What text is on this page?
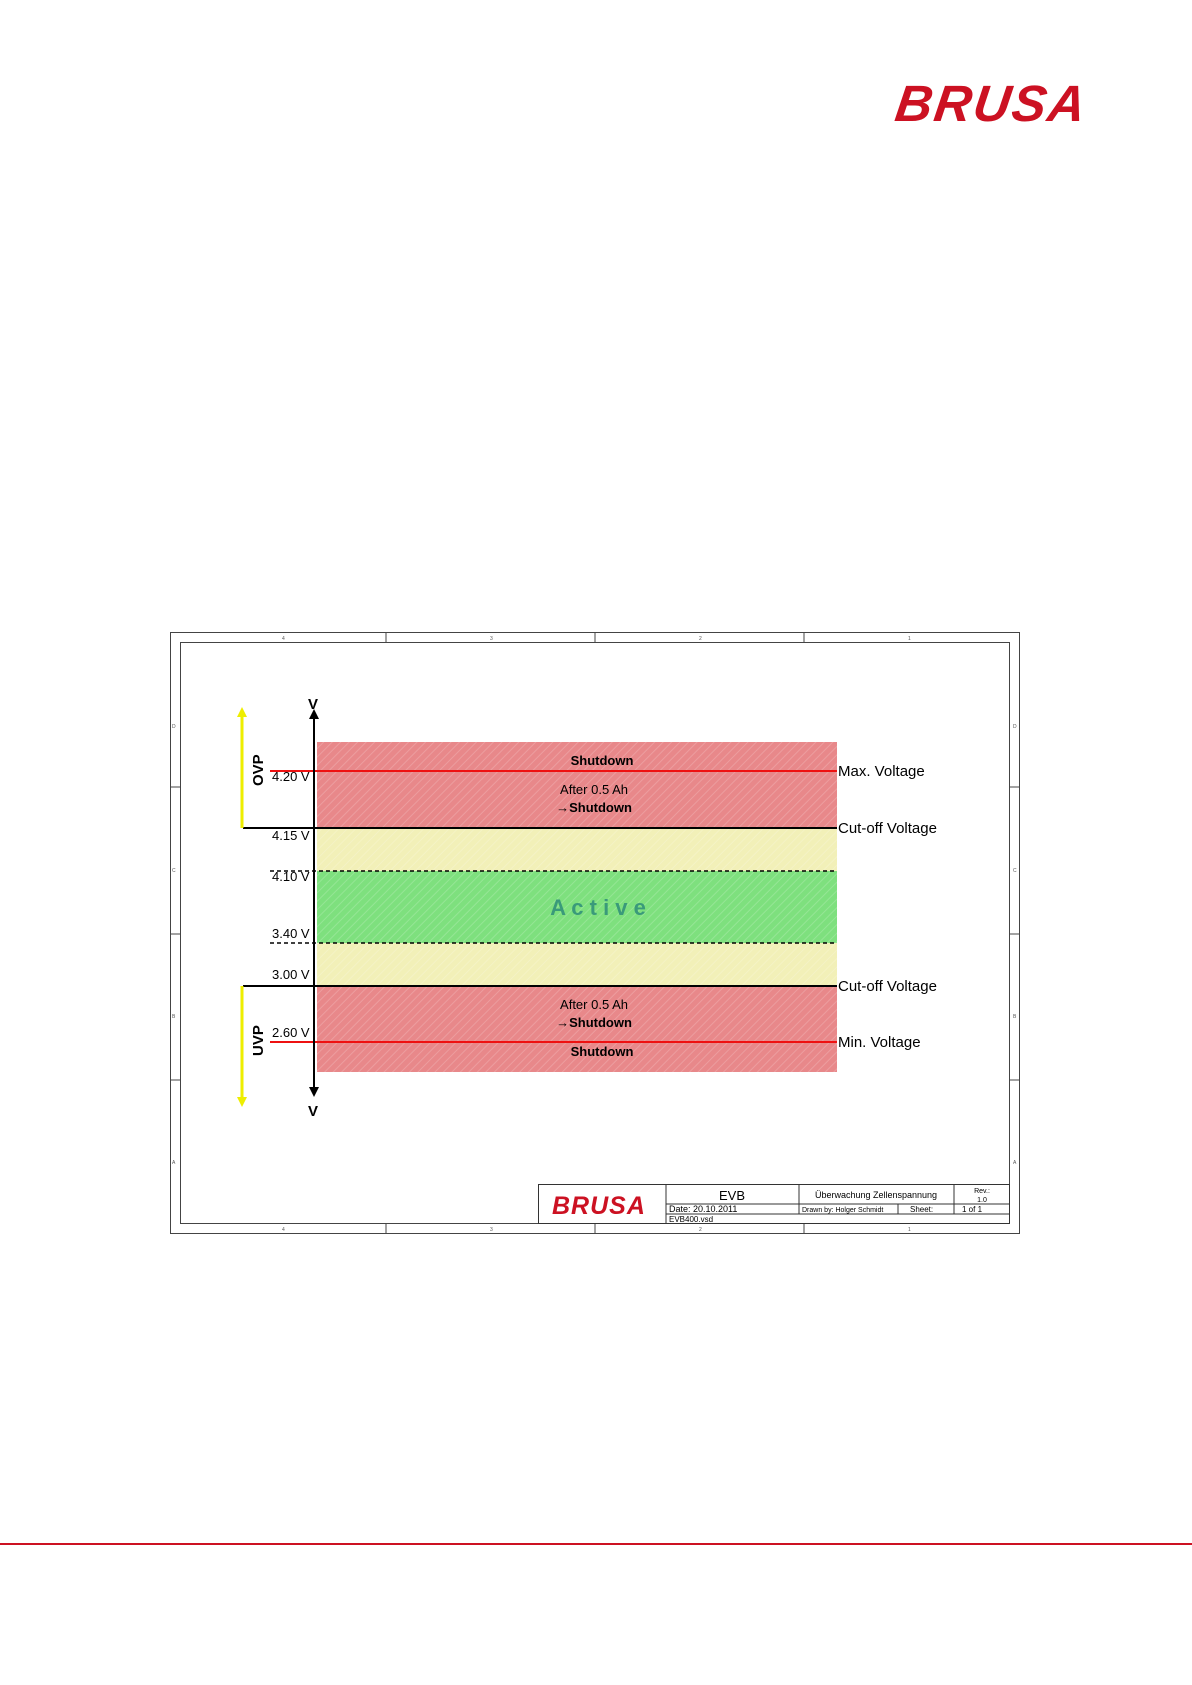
BRUSA
4	3	2	1
4	3	2	1
D
C
B
A
D
C
B
A
V
V
OVP
UVP
4.20 V
4.15 V
4.10 V
3.40 V
3.00 V
2.60 V
Max. Voltage
Cut-off Voltage
Cut-off Voltage
Min. Voltage
Shutdown
After 0.5 Ah
→Shutdown
After 0.5 Ah
→Shutdown
Shutdown
A c t i v e
BRUSA	EVB	Überwachung Zellenspannung	Rev.:
1.0
Date: 20.10.2011	Drawn by: Holger Schmidt	Sheet:	1 of 1
EVB400.vsd
